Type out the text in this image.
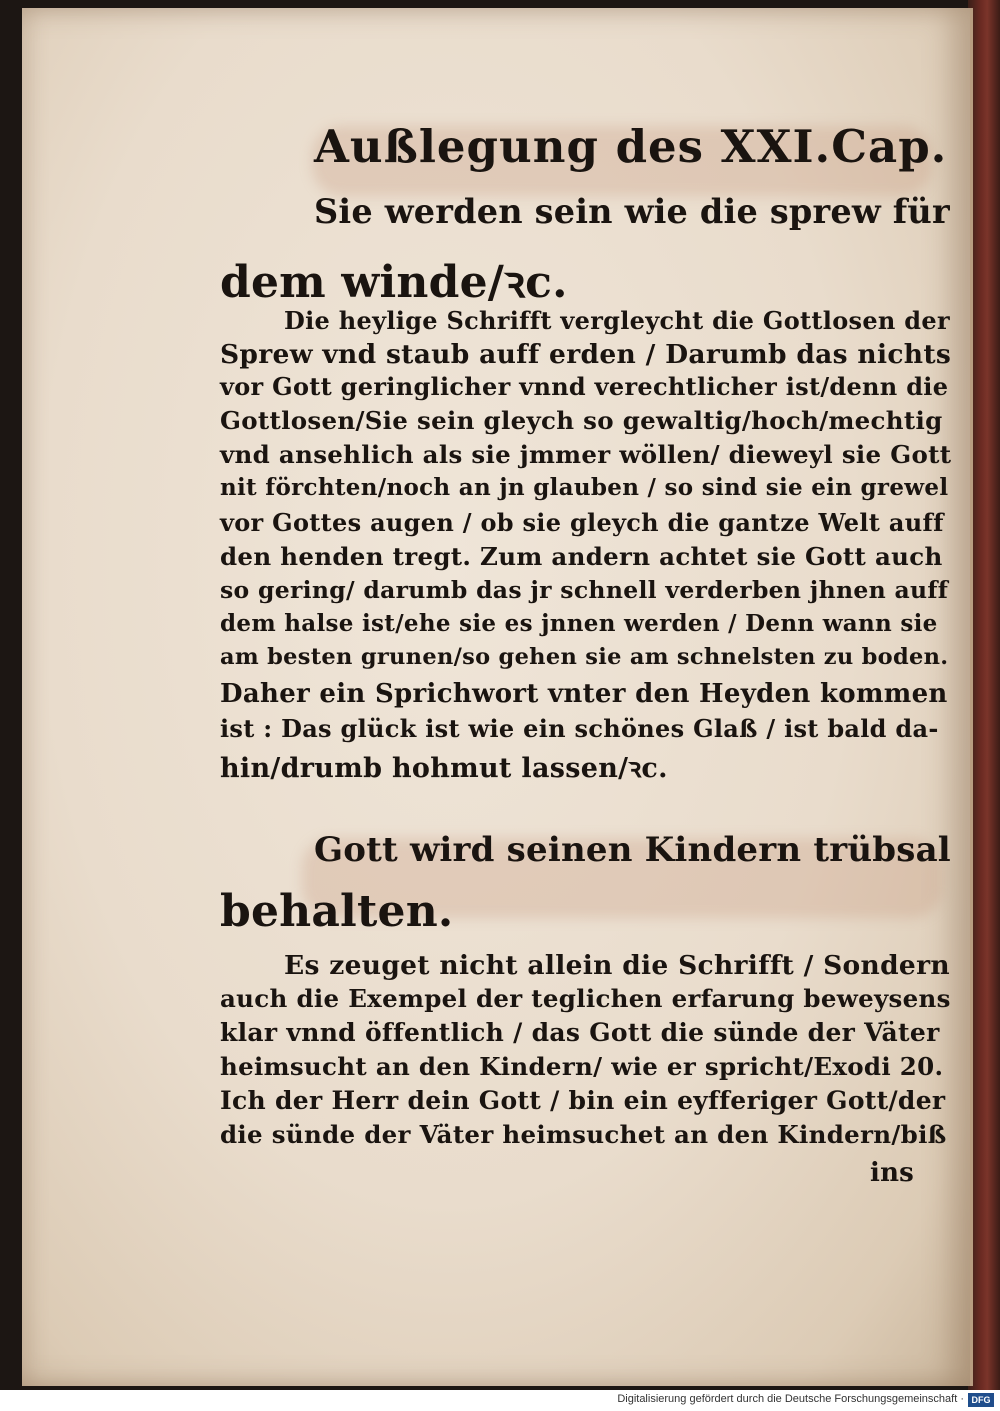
Außlegung des XXI.Cap.
Sie werden sein wie die sprew für
dem winde/ꝛc.
Die heylige Schrifft vergleycht die Gottlosen der
Sprew vnd staub auff erden / Darumb das nichts
vor Gott geringlicher vnnd verechtlicher ist/denn die
Gottlosen/Sie sein gleych so gewaltig/hoch/mechtig
vnd ansehlich als sie jmmer wöllen/ dieweyl sie Gott
nit förchten/noch an jn glauben / so sind sie ein grewel
vor Gottes augen / ob sie gleych die gantze Welt auff
den henden tregt. Zum andern achtet sie Gott auch
so gering/ darumb das jr schnell verderben jhnen auff
dem halse ist/ehe sie es jnnen werden / Denn wann sie
am besten grunen/so gehen sie am schnelsten zu boden.
Daher ein Sprichwort vnter den Heyden kommen
ist : Das glück ist wie ein schönes Glaß / ist bald da-
hin/drumb hohmut lassen/ꝛc.
Gott wird seinen Kindern trübsal
behalten.
Es zeuget nicht allein die Schrifft / Sondern
auch die Exempel der teglichen erfarung beweysens
klar vnnd öffentlich / das Gott die sünde der Väter
heimsucht an den Kindern/ wie er spricht/Exodi 20.
Ich der Herr dein Gott / bin ein eyfferiger Gott/der
die sünde der Väter heimsuchet an den Kindern/biß
ins
Digitalisierung gefördert durch die Deutsche Forschungsgemeinschaft · DFG
